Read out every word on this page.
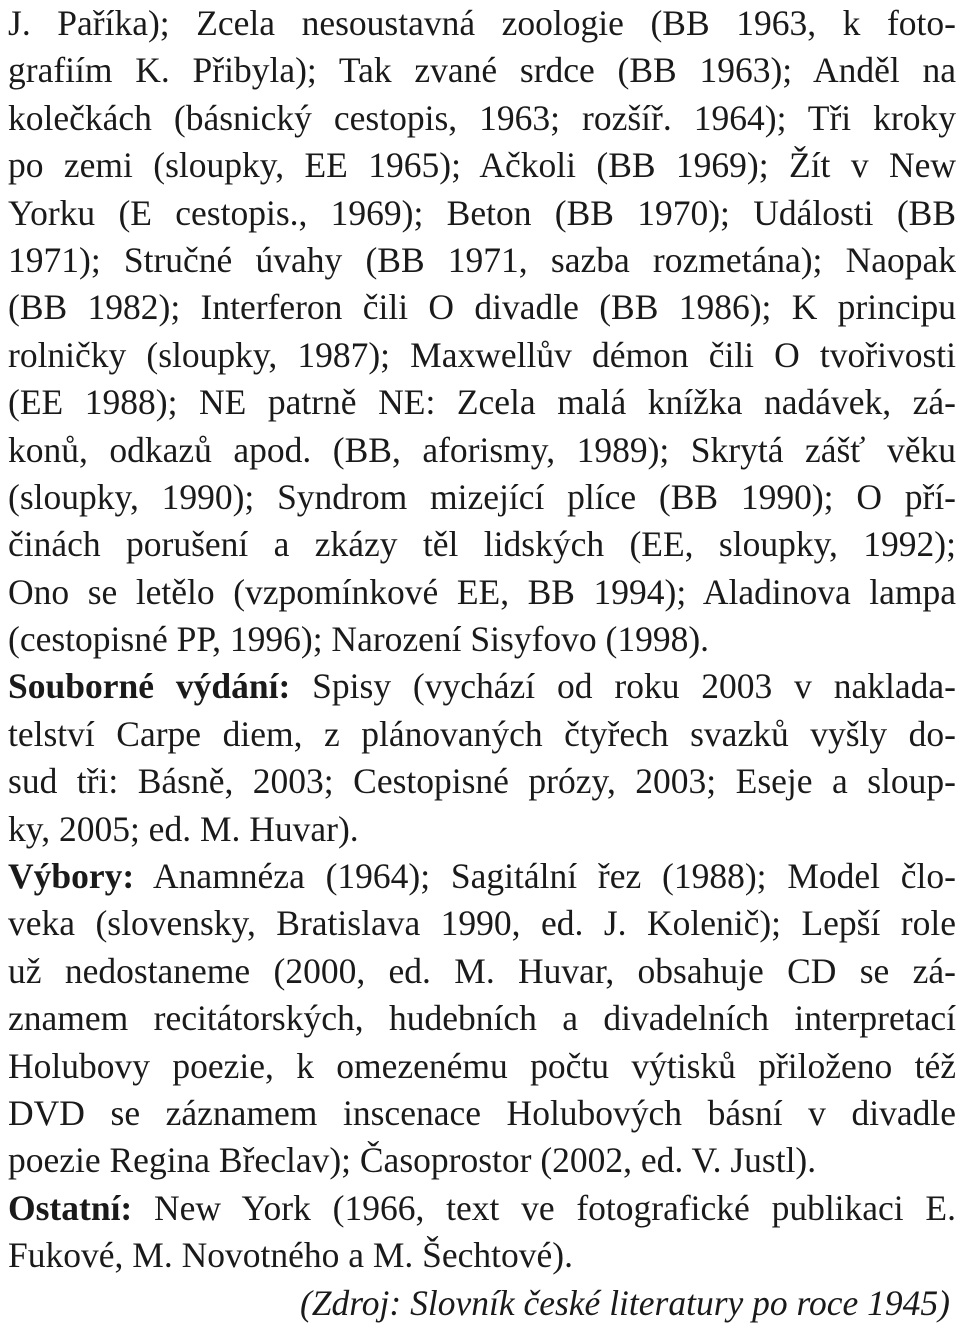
J. Paříka); Zcela nesoustavná zoologie (BB 1963, k foto-
grafiím K. Přibyla); Tak zvané srdce (BB 1963); Anděl na
kolečkách (básnický cestopis, 1963; rozšíř. 1964); Tři kroky
po zemi (sloupky, EE 1965); Ačkoli (BB 1969); Žít v New
Yorku (E cestopis., 1969); Beton (BB 1970); Události (BB
1971); Stručné úvahy (BB 1971, sazba rozmetána); Naopak
(BB 1982); Interferon čili O divadle (BB 1986); K principu
rolničky (sloupky, 1987); Maxwellův démon čili O tvořivosti
(EE 1988); NE patrně NE: Zcela malá knížka nadávek, zá-
konů, odkazů apod. (BB, aforismy, 1989); Skrytá zášť věku
(sloupky, 1990); Syndrom mizející plíce (BB 1990); O pří-
činách porušení a zkázy těl lidských (EE, sloupky, 1992);
Ono se letělo (vzpomínkové EE, BB 1994); Aladinova lampa
(cestopisné PP, 1996); Narození Sisyfovo (1998).
Souborné výdání: Spisy (vychází od roku 2003 v naklada-
telství Carpe diem, z plánovaných čtyřech svazků vyšly do-
sud tři: Básně, 2003; Cestopisné prózy, 2003; Eseje a sloup-
ky, 2005; ed. M. Huvar).
Výbory: Anamnéza (1964); Sagitální řez (1988); Model člo-
veka (slovensky, Bratislava 1990, ed. J. Kolenič); Lepší role
už nedostaneme (2000, ed. M. Huvar, obsahuje CD se zá-
znamem recitátorských, hudebních a divadelních interpretací
Holubovy poezie, k omezenému počtu výtisků přiloženo též
DVD se záznamem inscenace Holubových básní v divadle
poezie Regina Břeclav); Časoprostor (2002, ed. V. Justl).
Ostatní: New York (1966, text ve fotografické publikaci E.
Fukové, M. Novotného a M. Šechtové).
(Zdroj: Slovník české literatury po roce 1945)
